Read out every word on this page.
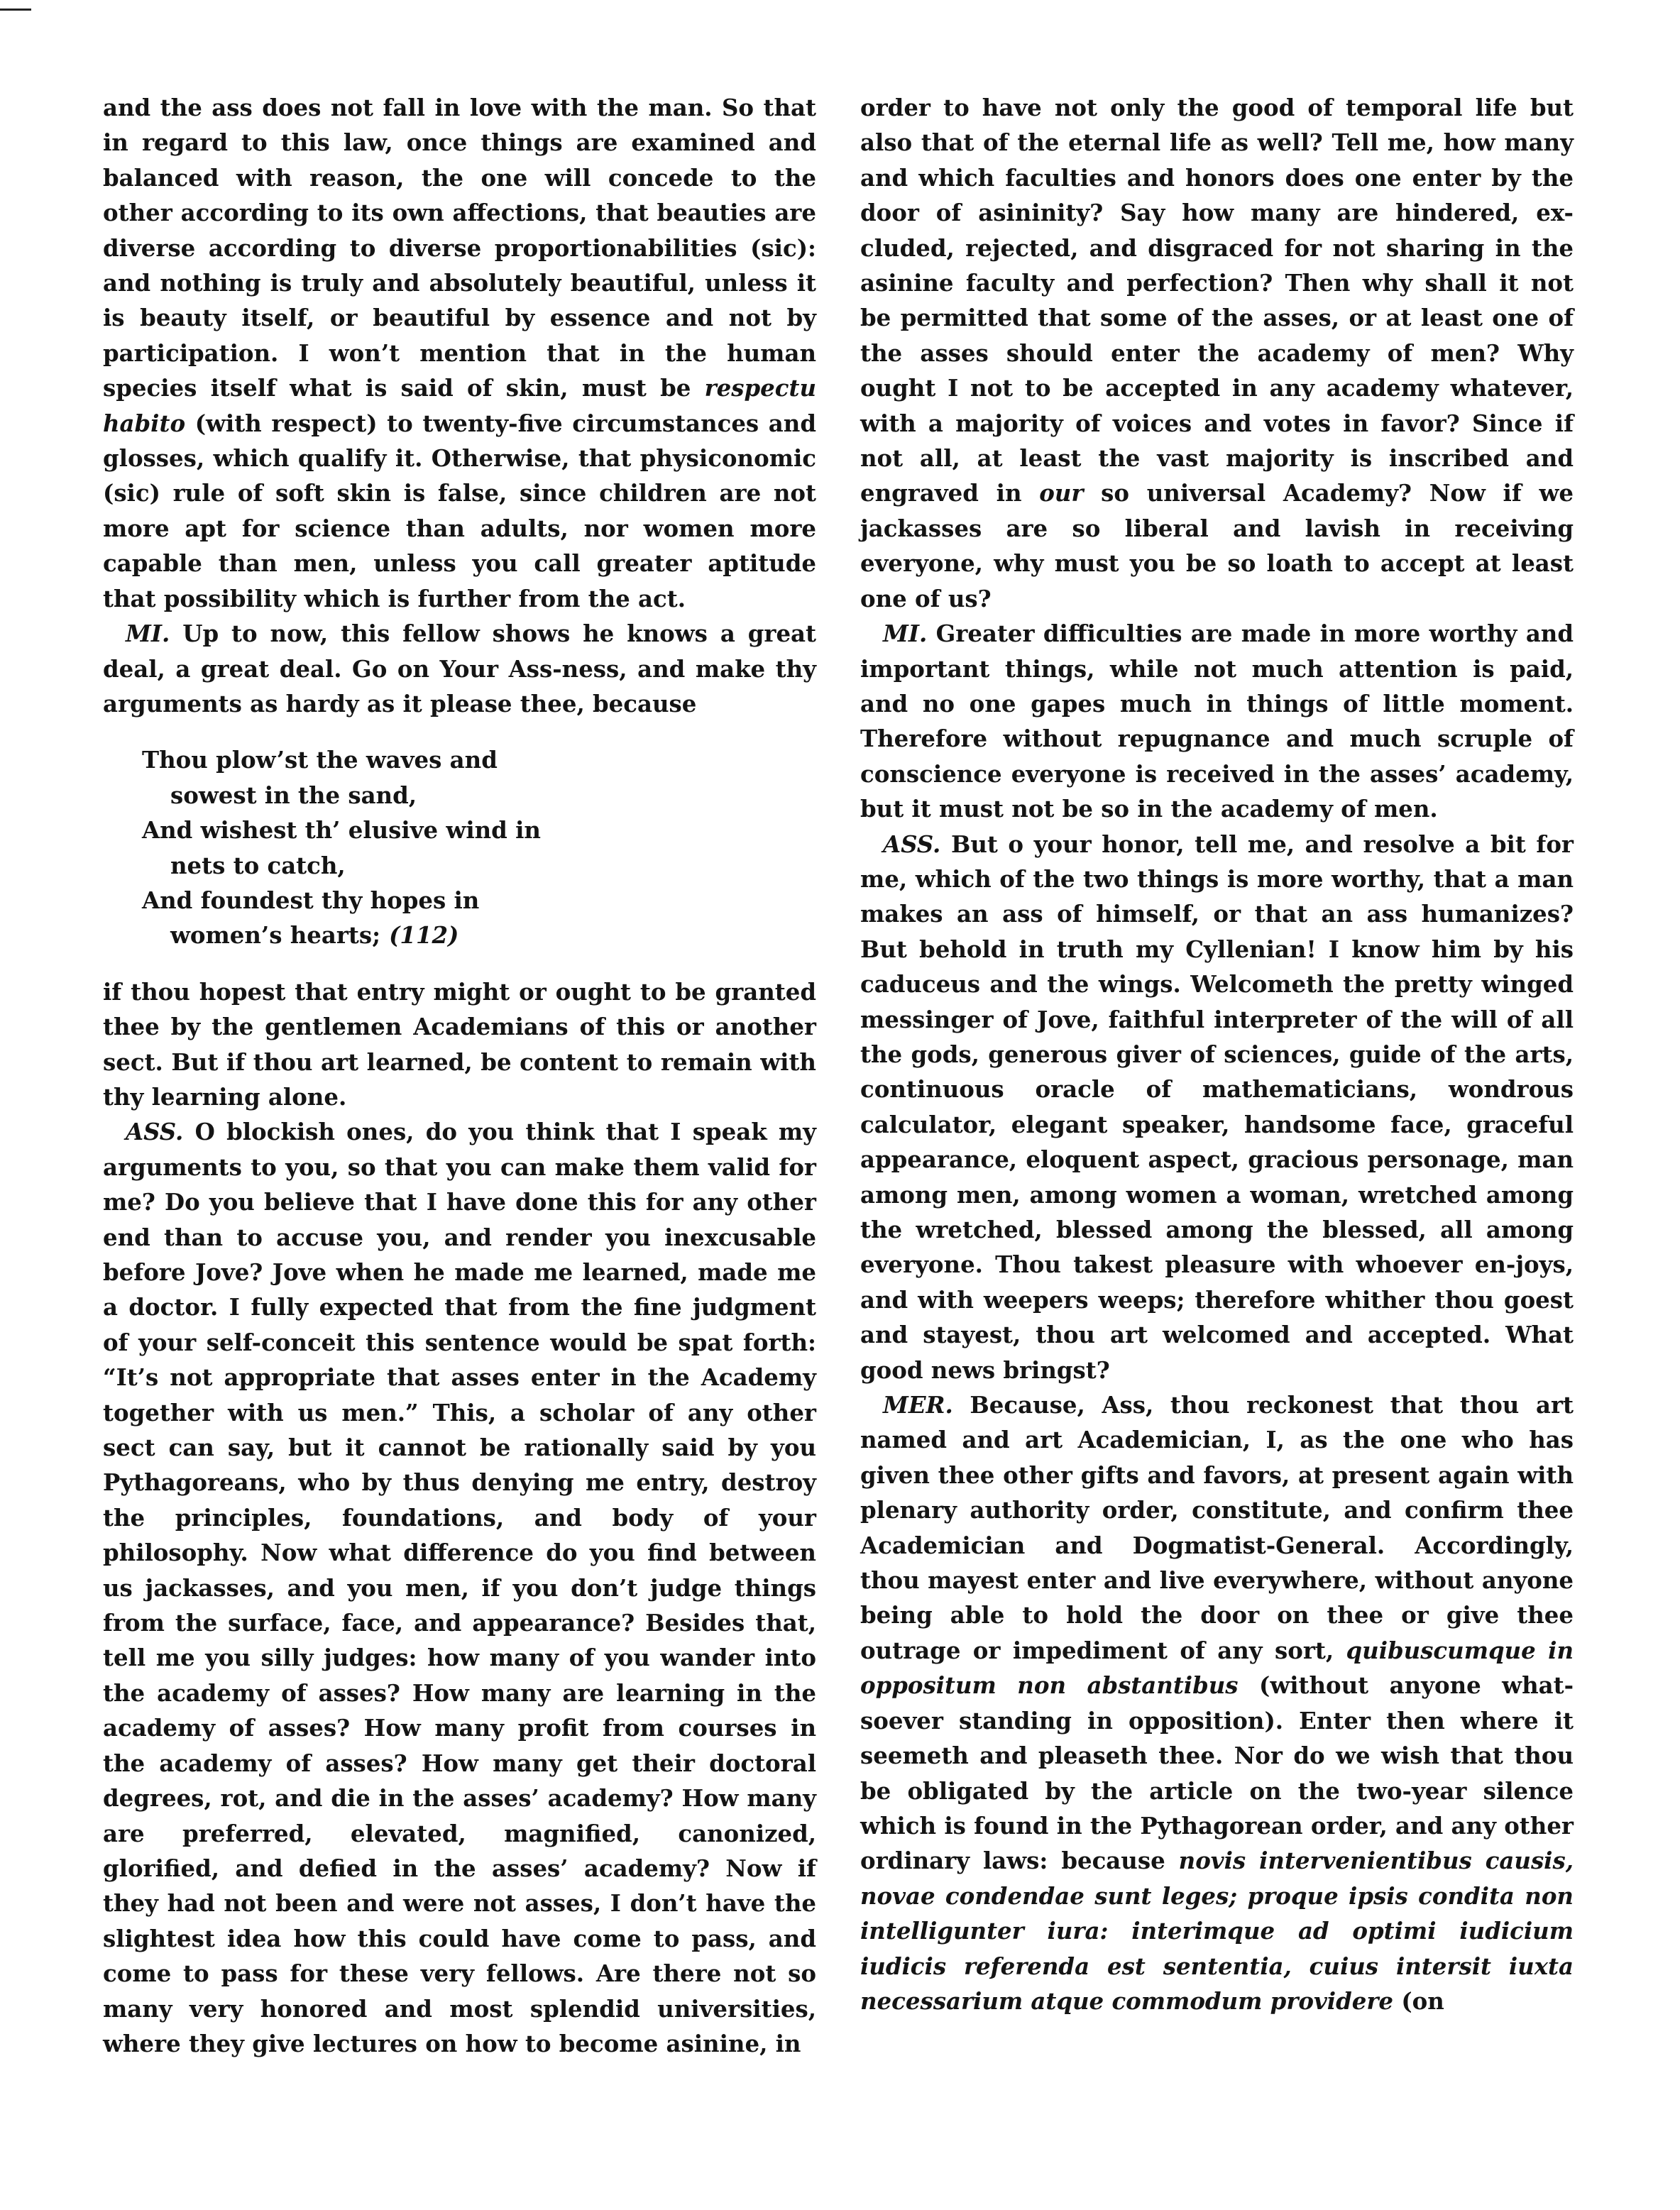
and the ass does not fall in love with the man. So that in regard to this law, once things are examined and balanced with reason, the one will concede to the other according to its own affections, that beauties are diverse according to diverse proportionabilities (sic): and nothing is truly and absolutely beautiful, unless it is beauty itself, or beautiful by essence and not by participation. I won’t mention that in the human species itself what is said of skin, must be respectu habito (with respect) to twenty-five circumstances and glosses, which qualify it. Otherwise, that physiconomic (sic) rule of soft skin is false, since children are not more apt for science than adults, nor women more capable than men, unless you call greater aptitude that possibility which is further from the act.

MI. Up to now, this fellow shows he knows a great deal, a great deal. Go on Your Ass-ness, and make thy arguments as hardy as it please thee, because

Thou plow’st the waves and
sowest in the sand,
And wishest th’ elusive wind in
nets to catch,
And foundest thy hopes in
women’s hearts; (112)

if thou hopest that entry might or ought to be granted thee by the gentlemen Academians of this or another sect. But if thou art learned, be content to remain with thy learning alone.

ASS. O blockish ones, do you think that I speak my arguments to you, so that you can make them valid for me? Do you believe that I have done this for any other end than to accuse you, and render you inexcusable before Jove? Jove when he made me learned, made me a doctor. I fully expected that from the fine judgment of your self-conceit this sentence would be spat forth: “It’s not appropriate that asses enter in the Academy together with us men.” This, a scholar of any other sect can say, but it cannot be rationally said by you Pythagoreans, who by thus denying me entry, destroy the principles, foundations, and body of your philosophy. Now what difference do you find between us jackasses, and you men, if you don’t judge things from the surface, face, and appearance? Besides that, tell me you silly judges: how many of you wander into the academy of asses? How many are learning in the academy of asses? How many profit from courses in the academy of asses? How many get their doctoral degrees, rot, and die in the asses’ academy? How many are preferred, elevated, magnified, canonized, glorified, and defied in the asses’ academy? Now if they had not been and were not asses, I don’t have the slightest idea how this could have come to pass, and come to pass for these very fellows. Are there not so many very honored and most splendid universities, where they give lectures on how to become asinine, in

order to have not only the good of temporal life but also that of the eternal life as well? Tell me, how many and which faculties and honors does one enter by the door of asininity? Say how many are hindered, ex-cluded, rejected, and disgraced for not sharing in the asinine faculty and perfection? Then why shall it not be permitted that some of the asses, or at least one of the asses should enter the academy of men? Why ought I not to be accepted in any academy whatever, with a majority of voices and votes in favor? Since if not all, at least the vast majority is inscribed and engraved in our so universal Academy? Now if we jackasses are so liberal and lavish in receiving everyone, why must you be so loath to accept at least one of us?

MI. Greater difficulties are made in more worthy and important things, while not much attention is paid, and no one gapes much in things of little moment. Therefore without repugnance and much scruple of conscience everyone is received in the asses’ academy, but it must not be so in the academy of men.

ASS. But o your honor, tell me, and resolve a bit for me, which of the two things is more worthy, that a man makes an ass of himself, or that an ass humanizes? But behold in truth my Cyllenian! I know him by his caduceus and the wings. Welcometh the pretty winged messinger of Jove, faithful interpreter of the will of all the gods, generous giver of sciences, guide of the arts, continuous oracle of mathematicians, wondrous calculator, elegant speaker, handsome face, graceful appearance, eloquent aspect, gracious personage, man among men, among women a woman, wretched among the wretched, blessed among the blessed, all among everyone. Thou takest pleasure with whoever en-joys, and with weepers weeps; therefore whither thou goest and stayest, thou art welcomed and accepted. What good news bringst?

MER. Because, Ass, thou reckonest that thou art named and art Academician, I, as the one who has given thee other gifts and favors, at present again with plenary authority order, constitute, and confirm thee Academician and Dogmatist-General. Accordingly, thou mayest enter and live everywhere, without anyone being able to hold the door on thee or give thee outrage or impediment of any sort, quibuscumque in oppositum non abstantibus (without anyone what-soever standing in opposition). Enter then where it seemeth and pleaseth thee. Nor do we wish that thou be obligated by the article on the two-year silence which is found in the Pythagorean order, and any other ordinary laws: because novis intervenientibus causis, novae condendae sunt leges; proque ipsis condita non intelligunter iura: interimque ad optimi iudicium iudicis referenda est sententia, cuius intersit iuxta necessarium atque commodum providere (on
